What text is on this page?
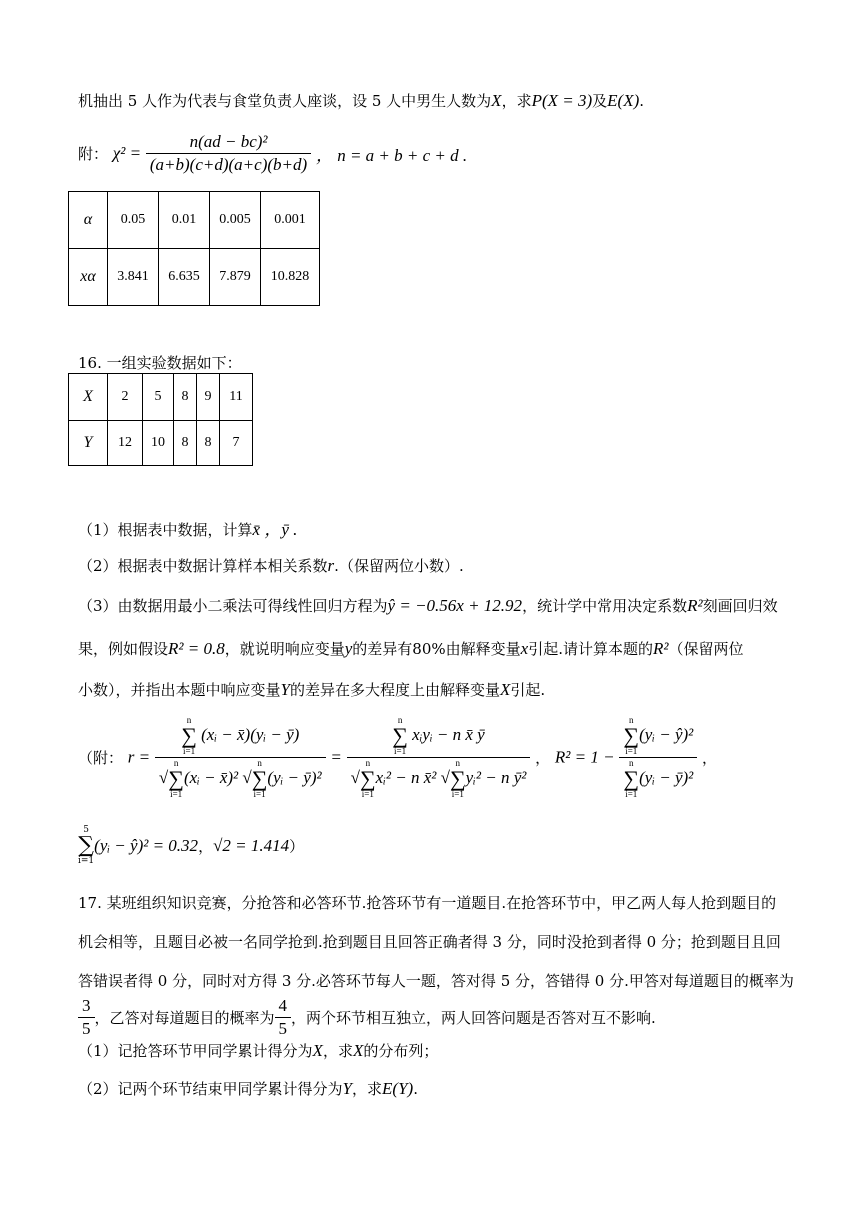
机抽出 5 人作为代表与食堂负责人座谈，设 5 人中男生人数为X，求P(X = 3)及E(X).
附： $\chi^2 = \frac{\text{n(ad − bc)²}}{(a+b)(c+d)(a+c)(b+d)}$ ， n = a + b + c + d .
α	0.05	0.01	0.005	0.001
xα	3.841	6.635	7.879	10.828
16. 一组实验数据如下：
X	2	5	8	9	11
Y	12	10	8	8	7
（1）根据表中数据，计算x̄ ，ȳ .
（2）根据表中数据计算样本相关系数r.（保留两位小数）.
（3）由数据用最小二乘法可得线性回归方程为ŷ = −0.56x + 12.92，统计学中常用决定系数R²刻画回归效
果，例如假设R² = 0.8，就说明响应变量y的差异有80%由解释变量x引起.请计算本题的R²（保留两位
小数），并指出本题中响应变量Y的差异在多大程度上由解释变量X引起.
（附： r = n
∑
i=1
(xᵢ − x̄)(yᵢ − ȳ)
√
n
∑
i=1
(xᵢ − x̄)² √
n
∑
i=1
(yᵢ − ȳ)² = n
∑
i=1
xᵢyᵢ − n x̄ ȳ
√
n
∑
i=1
xᵢ² − n x̄² √
n
∑
i=1
yᵢ² − n ȳ² ， R² = 1 − n
∑
i=1
(yᵢ − ŷ)²
n
∑
i=1
(yᵢ − ȳ)² ，
5
∑
i=1
(yᵢ − ŷ)² = 0.32，√2 = 1.414）
17. 某班组织知识竞赛，分抢答和必答环节.抢答环节有一道题目.在抢答环节中，甲乙两人每人抢到题目的
机会相等，且题目必被一名同学抢到.抢到题目且回答正确者得 3 分，同时没抢到者得 0 分；抢到题目且回
答错误者得 0 分，同时对方得 3 分.必答环节每人一题，答对得 5 分，答错得 0 分.甲答对每道题目的概率为
$\frac{3}{5}$ ，乙答对每道题目的概率为 $\frac{4}{5}$ ，两个环节相互独立，两人回答问题是否答对互不影响.
（1）记抢答环节甲同学累计得分为X，求X的分布列；
（2）记两个环节结束甲同学累计得分为Y，求E(Y).
